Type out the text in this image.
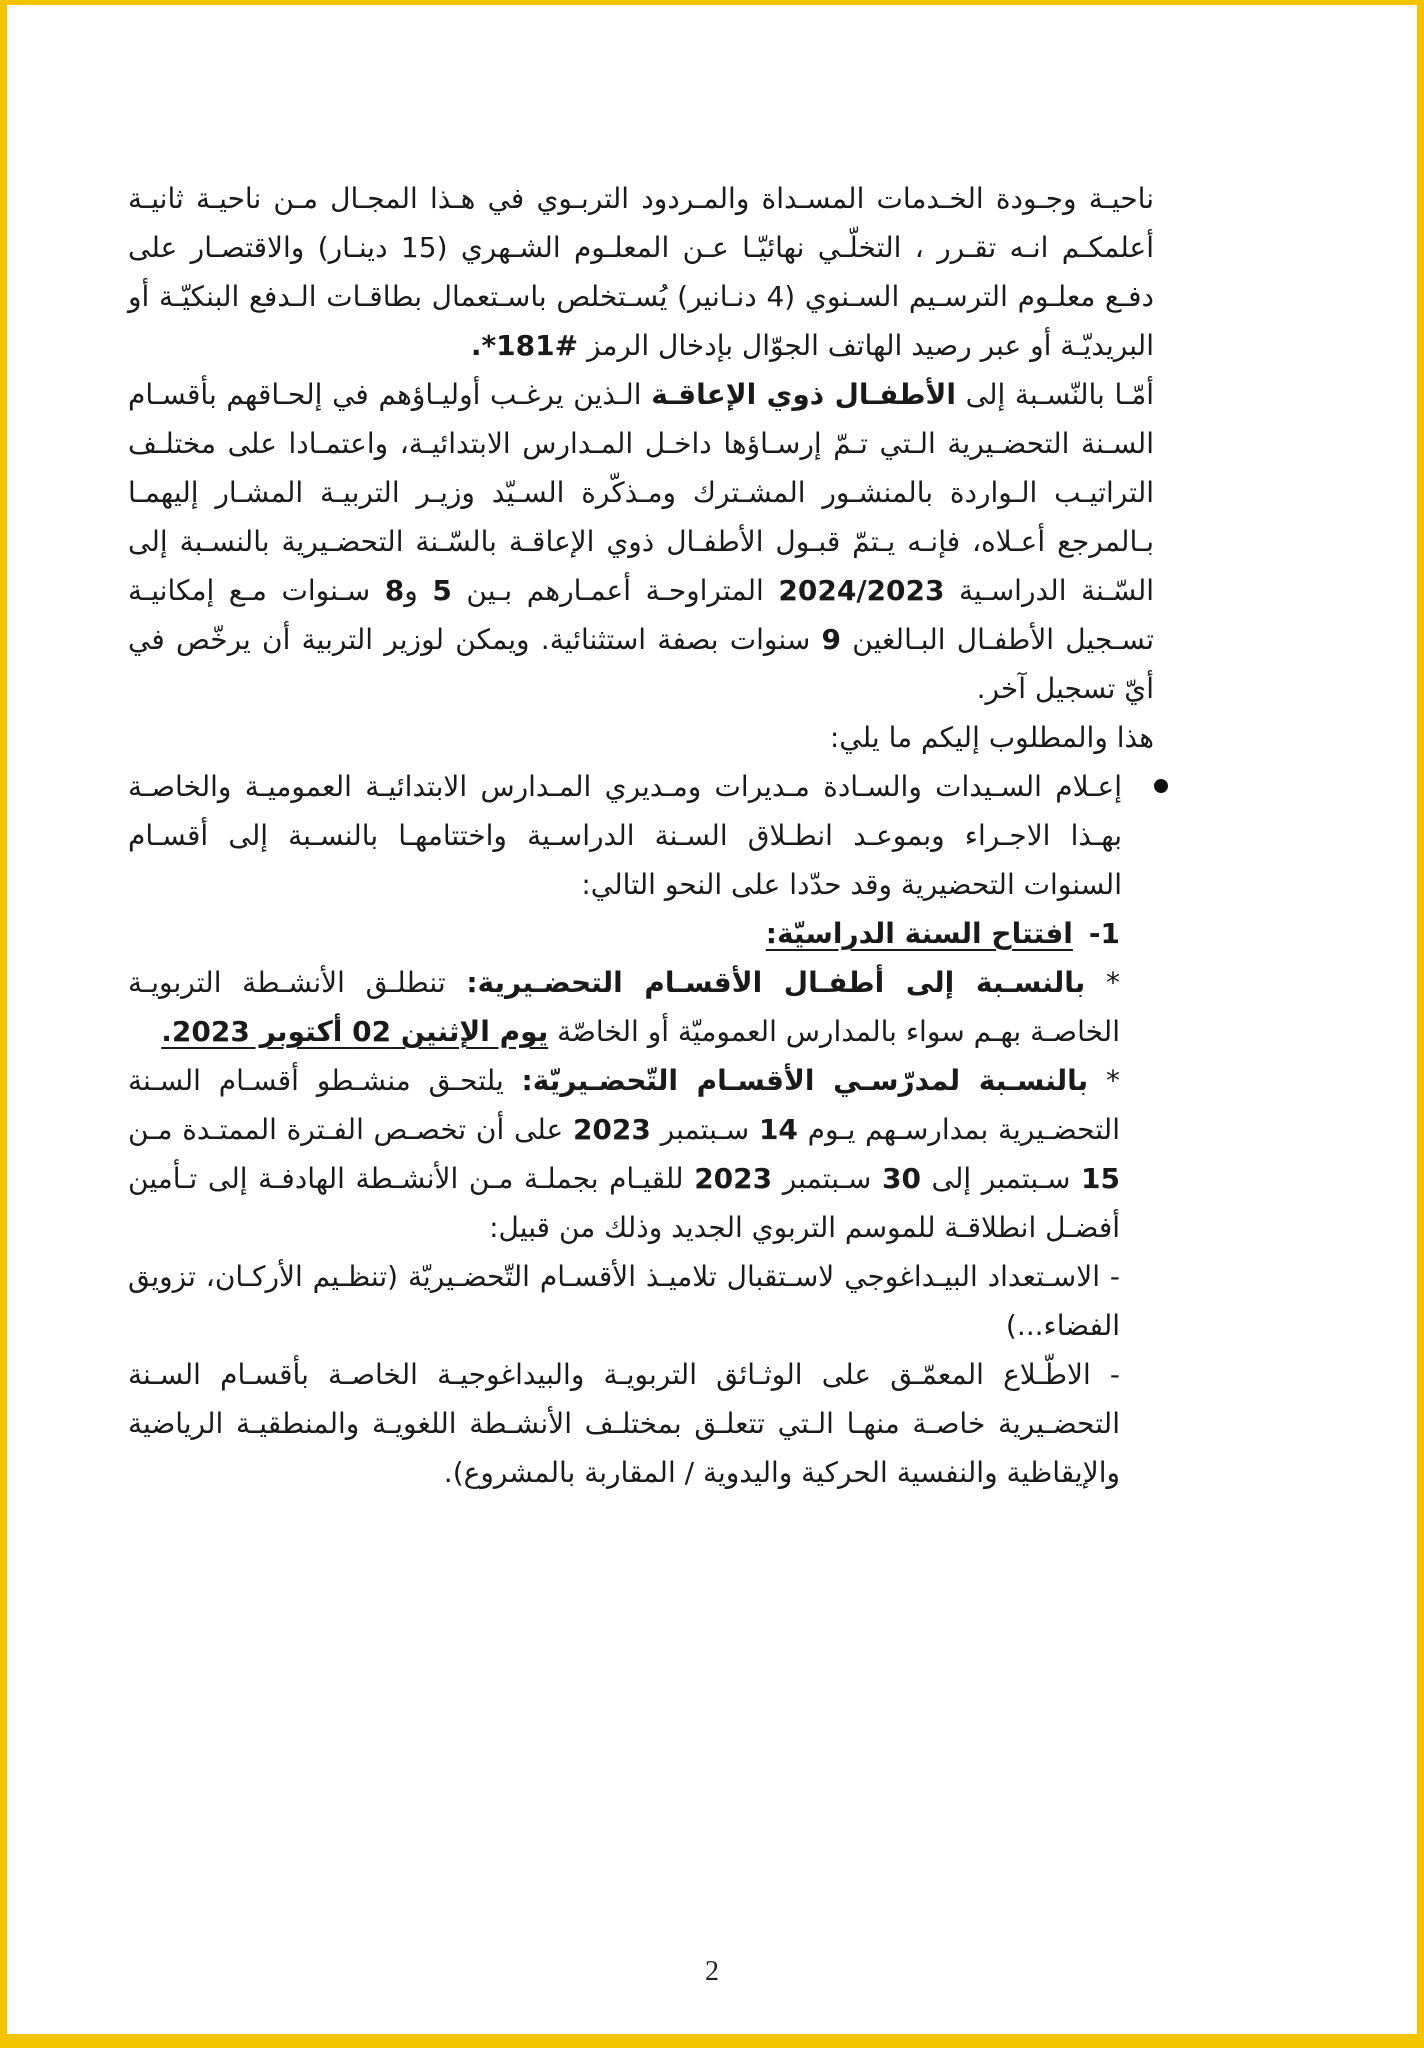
ناحيـة وجـودة الخـدمات المسـداة والمـردود التربـوي في هـذا المجـال مـن ناحيـة ثانيـة أعلمكـم انـه تقـرر ، التخلّـي نهائيّـا عـن المعلـوم الشـهري (15 دينـار) والاقتصـار على دفـع معلـوم الترسـيم السـنوي (4 دنـانير) يُسـتخلص باسـتعمال بطاقـات الـدفع البنكيّـة أو البريديّـة أو عبر رصيد الهاتف الجوّال بإدخال الرمز #181*.

أمّـا بالنّسـبة إلى الأطفـال ذوي الإعاقـة الـذين يرغـب أوليـاؤهم في إلحـاقهم بأقسـام السـنة التحضـيرية الـتي تـمّ إرسـاؤها داخـل المـدارس الابتدائيـة، واعتمـادا على مختلـف التراتيـب الـواردة بالمنشـور المشـترك ومـذكّرة السـيّد وزيـر التربيـة المشـار إليهمـا بـالمرجع أعـلاه، فإنـه يـتمّ قبـول الأطفـال ذوي الإعاقـة بالسّـنة التحضـيرية بالنسـبة إلى السّـنة الدراسـية 2024/2023 المتراوحـة أعمـارهم بـين 5 و8 سـنوات مـع إمكانيـة تسـجيل الأطفـال البـالغين 9 سنوات بصفة استثنائية. ويمكن لوزير التربية أن يرخّص في أيّ تسجيل آخر.

هذا والمطلوب إليكم ما يلي:

إعـلام السـيدات والسـادة مـديرات ومـديري المـدارس الابتدائيـة العموميـة والخاصـة بهـذا الاجـراء وبموعـد انطـلاق السـنة الدراسـية واختتامهـا بالنسـبة إلى أقسـام السنوات التحضيرية وقد حدّدا على النحو التالي:

1-افتتاح السنة الدراسيّة:

* بالنسـبة إلى أطفـال الأقسـام التحضـيرية: تنطلـق الأنشـطة التربويـة الخاصـة بهـم سواء بالمدارس العموميّة أو الخاصّة يوم الإثنين 02 أكتوبر 2023.

* بالنسـبة لمدرّسـي الأقسـام التّحضـيريّة: يلتحـق منشـطو أقسـام السـنة التحضـيرية بمدارسـهم يـوم 14 سـبتمبر 2023 على أن تخصـص الفـترة الممتـدة مـن 15 سـبتمبر إلى 30 سـبتمبر 2023 للقيـام بجملـة مـن الأنشـطة الهادفـة إلى تـأمين أفضـل انطلاقـة للموسم التربوي الجديد وذلك من قبيل:

- الاسـتعداد البيـداغوجي لاسـتقبال تلاميـذ الأقسـام التّحضـيريّة (تنظـيم الأركـان، تزويق الفضاء...)

- الاطّـلاع المعمّـق على الوثـائق التربويـة والبيداغوجيـة الخاصـة بأقسـام السـنة التحضـيرية خاصـة منهـا الـتي تتعلـق بمختلـف الأنشـطة اللغويـة والمنطقيـة الرياضية والإيقاظية والنفسية الحركية واليدوية / المقاربة بالمشروع).

2
